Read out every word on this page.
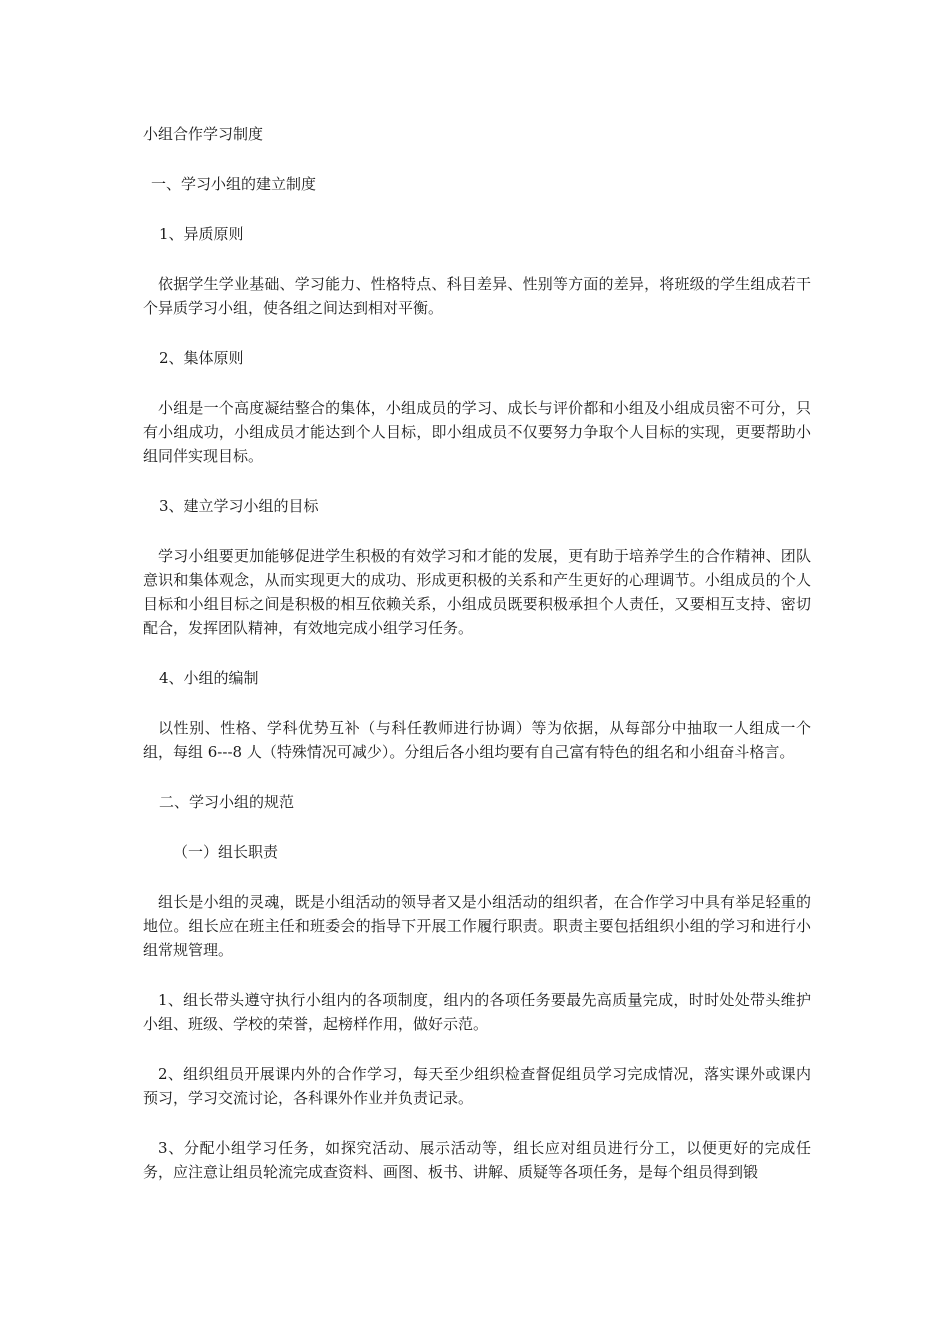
小组合作学习制度

一、学习小组的建立制度

1、异质原则

依据学生学业基础、学习能力、性格特点、科目差异、性别等方面的差异，将班级的学生组成若干个异质学习小组，使各组之间达到相对平衡。

2、集体原则

小组是一个高度凝结整合的集体，小组成员的学习、成长与评价都和小组及小组成员密不可分，只有小组成功，小组成员才能达到个人目标，即小组成员不仅要努力争取个人目标的实现，更要帮助小组同伴实现目标。

3、建立学习小组的目标

学习小组要更加能够促进学生积极的有效学习和才能的发展，更有助于培养学生的合作精神、团队意识和集体观念，从而实现更大的成功、形成更积极的关系和产生更好的心理调节。小组成员的个人目标和小组目标之间是积极的相互依赖关系，小组成员既要积极承担个人责任，又要相互支持、密切配合，发挥团队精神，有效地完成小组学习任务。

4、小组的编制

以性别、性格、学科优势互补（与科任教师进行协调）等为依据，从每部分中抽取一人组成一个组，每组 6---8 人（特殊情况可减少）。分组后各小组均要有自己富有特色的组名和小组奋斗格言。

二、学习小组的规范

（一）组长职责

组长是小组的灵魂，既是小组活动的领导者又是小组活动的组织者，在合作学习中具有举足轻重的地位。组长应在班主任和班委会的指导下开展工作履行职责。职责主要包括组织小组的学习和进行小组常规管理。

1、组长带头遵守执行小组内的各项制度，组内的各项任务要最先高质量完成，时时处处带头维护小组、班级、学校的荣誉，起榜样作用，做好示范。

2、组织组员开展课内外的合作学习，每天至少组织检查督促组员学习完成情况，落实课外或课内预习，学习交流讨论，各科课外作业并负责记录。

3、分配小组学习任务，如探究活动、展示活动等，组长应对组员进行分工，以便更好的完成任务，应注意让组员轮流完成查资料、画图、板书、讲解、质疑等各项任务，是每个组员得到锻
